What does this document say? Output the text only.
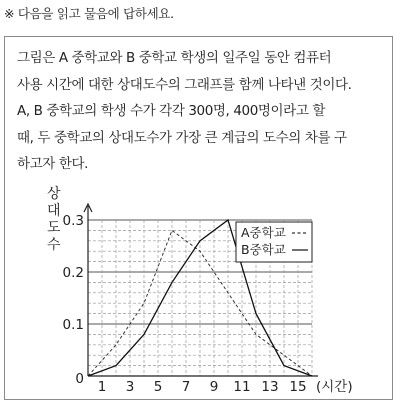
※ 다음을 읽고 물음에 답하세요.
그림은 A 중학교와 B 중학교 학생의 일주일 동안 컴퓨터
사용 시간에 대한 상대도수의 그래프를 함께 나타낸 것이다.
A, B 중학교의 학생 수가 각각 300명, 400명이라고 할
때, 두 중학교의 상대도수가 가장 큰 계급의 도수의 차를 구
하고자 한다.
A중학교
B중학교
0.1
0.2
0.3
0 1 3 5 7 9 11 13 15 (시간)
상
대
도
수
